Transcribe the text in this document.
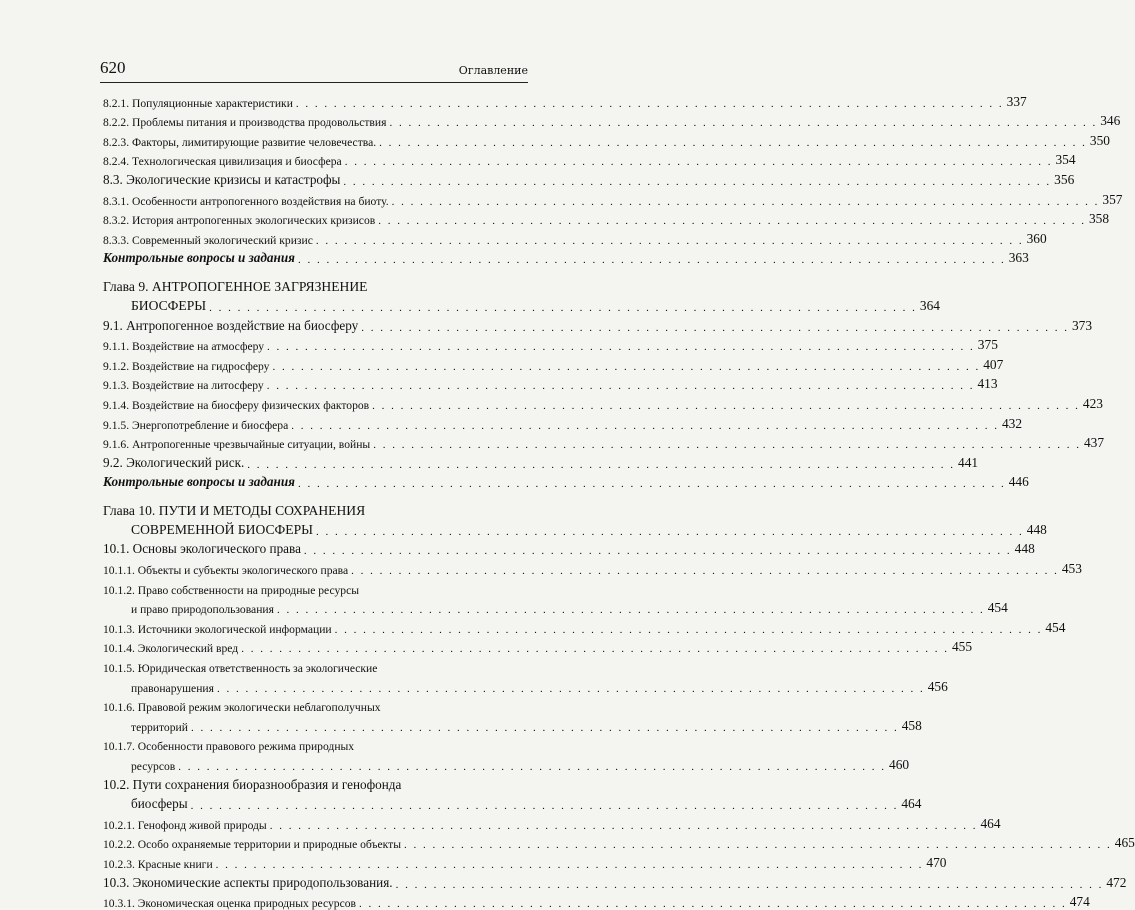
620	Оглавление
8.2.1. Популяционные характеристики . . .	337
8.2.2. Проблемы питания и производства продовольствия . . .	346
8.2.3. Факторы, лимитирующие развитие человечества. . . .	350
8.2.4. Технологическая цивилизация и биосфера . . .	354
8.3. Экологические кризисы и катастрофы . . .	356
8.3.1. Особенности антропогенного воздействия на биоту. . . .	357
8.3.2. История антропогенных экологических кризисов . . .	358
8.3.3. Современный экологический кризис . . .	360
Контрольные вопросы и задания . . .	363
Глава 9. АНТРОПОГЕННОЕ ЗАГРЯЗНЕНИЕ
БИОСФЕРЫ . . .	364
9.1. Антропогенное воздействие на биосферу . . .	373
9.1.1. Воздействие на атмосферу . . .	375
9.1.2. Воздействие на гидросферу . . .	407
9.1.3. Воздействие на литосферу . . .	413
9.1.4. Воздействие на биосферу физических факторов . . .	423
9.1.5. Энергопотребление и биосфера . . .	432
9.1.6. Антропогенные чрезвычайные ситуации, войны . . .	437
9.2. Экологический риск. . . .	441
Контрольные вопросы и задания . . .	446
Глава 10. ПУТИ И МЕТОДЫ СОХРАНЕНИЯ
СОВРЕМЕННОЙ БИОСФЕРЫ . . .	448
10.1. Основы экологического права . . .	448
10.1.1. Объекты и субъекты экологического права . . .	453
10.1.2. Право собственности на природные ресурсы
и право природопользования . . .	454
10.1.3. Источники экологической информации . . .	454
10.1.4. Экологический вред . . .	455
10.1.5. Юридическая ответственность за экологические
правонарушения . . .	456
10.1.6. Правовой режим экологически неблагополучных
территорий . . .	458
10.1.7. Особенности правового режима природных
ресурсов . . .	460
10.2. Пути сохранения биоразнообразия и генофонда
биосферы . . .	464
10.2.1. Генофонд живой природы . . .	464
10.2.2. Особо охраняемые территории и природные объекты . . .	465
10.2.3. Красные книги . . .	470
10.3. Экономические аспекты природопользования. . . .	472
10.3.1. Экономическая оценка природных ресурсов . . .	474
